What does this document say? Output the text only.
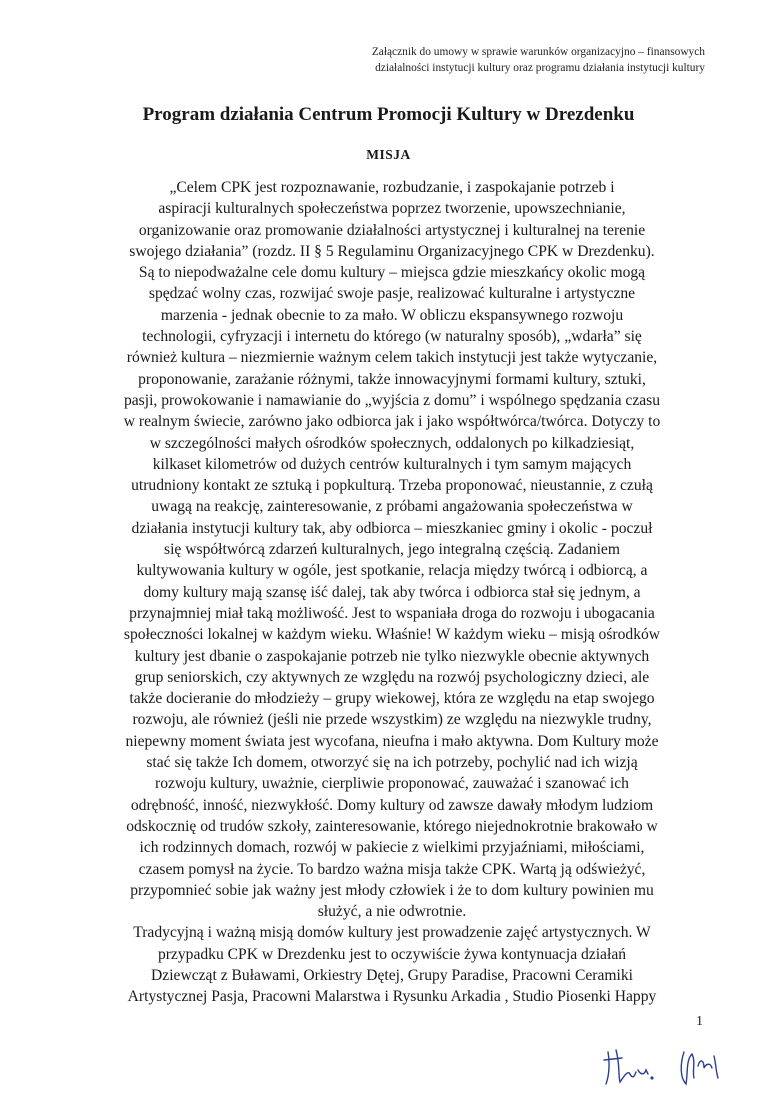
Załącznik do umowy w sprawie warunków organizacyjno – finansowych
działalności instytucji kultury oraz programu działania instytucji kultury
Program działania Centrum Promocji Kultury w Drezdenku
MISJA
„Celem CPK jest rozpoznawanie, rozbudzanie, i zaspokajanie potrzeb i
aspiracji kulturalnych społeczeństwa poprzez tworzenie, upowszechnianie,
organizowanie oraz promowanie działalności artystycznej i kulturalnej na terenie
swojego działania” (rozdz. II § 5 Regulaminu Organizacyjnego CPK w Drezdenku).
Są to niepodważalne cele domu kultury – miejsca gdzie mieszkańcy okolic mogą
spędzać wolny czas, rozwijać swoje pasje, realizować kulturalne i artystyczne
marzenia - jednak obecnie to za mało. W obliczu ekspansywnego rozwoju
technologii, cyfryzacji i internetu do którego (w naturalny sposób), „wdarła” się
również kultura – niezmiernie ważnym celem takich instytucji jest także wytyczanie,
proponowanie, zarażanie różnymi, także innowacyjnymi formami kultury, sztuki,
pasji, prowokowanie i namawianie do „wyjścia z domu” i wspólnego spędzania czasu
w realnym świecie, zarówno jako odbiorca jak i jako współtwórca/twórca. Dotyczy to
w szczególności małych ośrodków społecznych, oddalonych po kilkadziesiąt,
kilkaset kilometrów od dużych centrów kulturalnych i tym samym mających
utrudniony kontakt ze sztuką i popkulturą. Trzeba proponować, nieustannie, z czułą
uwagą na reakcję, zainteresowanie, z próbami angażowania społeczeństwa w
działania instytucji kultury tak, aby odbiorca – mieszkaniec gminy i okolic - poczuł
się współtwórcą zdarzeń kulturalnych, jego integralną częścią. Zadaniem
kultywowania kultury w ogóle, jest spotkanie, relacja między twórcą i odbiorcą, a
domy kultury mają szansę iść dalej, tak aby twórca i odbiorca stał się jednym, a
przynajmniej miał taką możliwość. Jest to wspaniała droga do rozwoju i ubogacania
społeczności lokalnej w każdym wieku. Właśnie! W każdym wieku – misją ośrodków
kultury jest dbanie o zaspokajanie potrzeb nie tylko niezwykle obecnie aktywnych
grup seniorskich, czy aktywnych ze względu na rozwój psychologiczny dzieci, ale
także docieranie do młodzieży – grupy wiekowej, która ze względu na etap swojego
rozwoju, ale również (jeśli nie przede wszystkim) ze względu na niezwykle trudny,
niepewny moment świata jest wycofana, nieufna i mało aktywna. Dom Kultury może
stać się także Ich domem, otworzyć się na ich potrzeby, pochylić nad ich wizją
rozwoju kultury, uważnie, cierpliwie proponować, zauważać i szanować ich
odrębność, inność, niezwykłość. Domy kultury od zawsze dawały młodym ludziom
odskocznię od trudów szkoły, zainteresowanie, którego niejednokrotnie brakowało w
ich rodzinnych domach, rozwój w pakiecie z wielkimi przyjaźniami, miłościami,
czasem pomysł na życie. To bardzo ważna misja także CPK. Wartą ją odświeżyć,
przypomnieć sobie jak ważny jest młody człowiek i że to dom kultury powinien mu
służyć, a nie odwrotnie.
Tradycyjną i ważną misją domów kultury jest prowadzenie zajęć artystycznych. W
przypadku CPK w Drezdenku jest to oczywiście żywa kontynuacja działań
Dziewcząt z Buławami, Orkiestry Dętej, Grupy Paradise, Pracowni Ceramiki
Artystycznej Pasja, Pracowni Malarstwa i Rysunku Arkadia , Studio Piosenki Happy
1
